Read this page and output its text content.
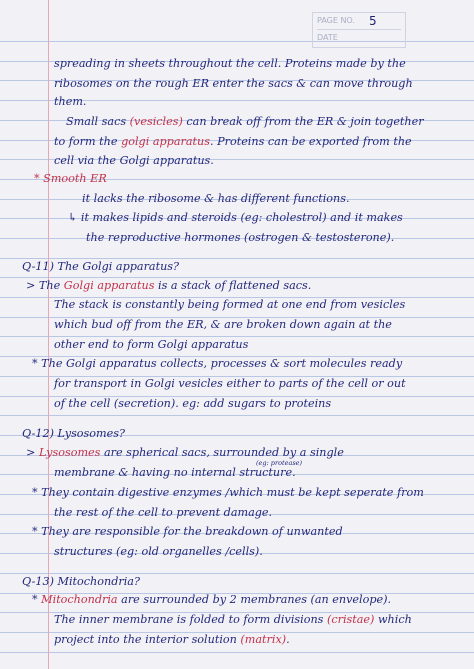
PAGE NO. 5
DATE
spreading in sheets throughout the cell. Proteins made by the
ribosomes on the rough ER enter the sacs & can move through
them.
Small sacs (vesicles) can break off from the ER & join together
to form the golgi apparatus. Proteins can be exported from the
cell via the Golgi apparatus.
* Smooth ER
it lacks the ribosome & has different functions.
↳ it makes lipids and steroids (eg: cholestrol) and it makes
the reproductive hormones (ostrogen & testosterone).
Q-11) The Golgi apparatus?
> The Golgi apparatus is a stack of flattened sacs.
The stack is constantly being formed at one end from vesicles
which bud off from the ER, & are broken down again at the
other end to form Golgi apparatus
* The Golgi apparatus collects, processes & sort molecules ready
for transport in Golgi vesicles either to parts of the cell or out
of the cell (secretion). eg: add sugars to proteins
Q-12) Lysosomes?
> Lysosomes are spherical sacs, surrounded by a single
membrane & having no internal structure.
* They contain digestive enzymes /which must be kept seperate from
the rest of the cell to prevent damage.
* They are responsible for the breakdown of unwanted
structures (eg: old organelles /cells).
Q-13) Mitochondria?
* Mitochondria are surrounded by 2 membranes (an envelope).
The inner membrane is folded to form divisions (cristae) which
project into the interior solution (matrix).
(eg: protease)
